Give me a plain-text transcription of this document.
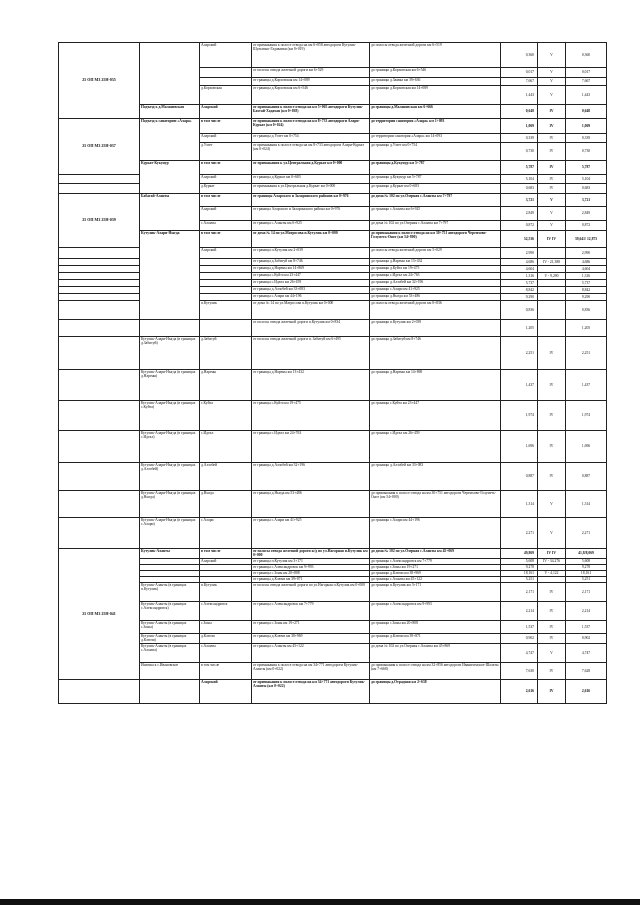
25 ОП МЗ 25Н-035		Аларский	от примыкания к полосе отвода на км 6+058 автодороги Кутулик-Шульгино-Гадаваики (км 0+019)	до полосы отвода железной дороги км 6+519	0,360	V	0,360
			от полосы отвода железной дороги км 6+529	до границы д.Корховская км 6+546	0,017	V	0,017
			от границы д.Корховская км 14+089	до границы д.Заявка км 39+636	7,667	V	7,667
		д.Корховская	от границы д.Корховская км 6+546	до границы д.Корховская км 14+089	1,443	V	1,443
	Подъезд к д.Малановская	Аларский	от примыкания к полосе отвода на км 5+065 автодороги Кутулик-Бахтай-Хадахан (км 0+038)	до границы д.Малановская км 6+666	0,648	IV	0,648
25 ОП МЗ 25Н-037	Подъезд к санаторию «Алара»	в том числе	от примыкания к полосе отвода на км 8+733 автодороги Алари-Куркат (км 0+024)	до территории санатория «Алара» км 1+093	1,069	IV	1,069
		Аларский	от границы д.Улзет км 0+754	до территории санатория «Алара» км 14+093	0,339	IV	0,339
		д.Улзет	от примыкания к полосе отвода на км 8+733 автодороги Алари-Куркат (км 0+024)	до границы д.Улзет км 0+754	0,730	IV	0,730
	Куркат-Кукунур	в том числе	от примыкания к ул.Центральная д.Куркат км 0+000	до границы д.Кукунур км 5+787	5,787	IV	5,787
		Аларский	от границы д.Куркат км 0+683	до границы д.Кукунур км 5+787	5,104	IV	5,104
		д.Куркат	от примыкания к ул.Центральная д.Куркат км 0+000	до границы д.Куркат км 0+683	0,683	IV	0,683
25 ОП МЗ 25Н-039	Бабагай-Аланты	в том числе	от границы Аларского и Заларинского районов км 0+976	до дома № 102 по ул.Озерная с.Аланты км 7+797	3,721	V	3,721
		Аларский	от границы Аларского и Заларинского района км 0+976	до границы с.Аланты км 6+925	2,849	V	2,849
		с.Аланты	от границы с.Аланты км 6+925	до дома № 102 по ул.Озерная с.Аланты км 7+797	0,872	V	0,872
	Кутулик-Алари-Ныгда	в том числе	от дома № 14 по ул.Матросова п.Кутулик км 0+000	до примыкания к полосе отвода на км 30+751 автодороги Черемхово-Голуметь-Онот (км 54+800)	52,536	IV IV	39,641/ 12,875
		Аларский	от границы п.Кутулик км 2+039	до полосы отвода железной дороги км 5+029	2,990		2,990
			от границы д.Забитуй км 8+746	до границы д.Нарены км 13+432	4,686	IV - 21,388	4,686
			от границы д.Нарены км 14+869	до границы д.Куйта км 19+475	4,604		4,604
			от границы с.Куйта км 23+447	до границы с.Идеал км 24+763	1,316	V - 9,290	1,316
			от границы с.Идеал км 26+459	до границы д.Алзобей км 32+196	5,737		5,737
			от границы д.Алзобей км 33+083	до границы с.Алари км 41+925	8,842		8,842
			от границы с.Алари км 44+196	до границы д.Ныгда км 53+486	9,290		9,290
		п.Кутулик	от дома № 14 по ул.Матросова п.Кутулик км 0+000	до полосы отвода железной дороги км 0+836	0,836		0,836
			от полосы отвода железной дороги п.Кутулик км 0+834	до границы п.Кутулик км 2+039	1,205		1,205
	Кутулик-Алари-Ныгда (в границах д.Забитуй)	д.Забитуй	от полосы отвода железной дороги п. Забитуй км 6+495	до границы д.Забитуй км 8+746	2,251	IV	2,251
	Кутулик-Алари-Ныгда (в границах д.Нарены)	д.Нарены	от границы д.Нарены км 13+432	до границы д.Нарены км 14+869	1,437	IV	1,437
	Кутулик-Алари-Ныгда (в границах с.Куйта)	с.Куйта	от границы с.Куйта км 19+475	до границы с.Куйта км 23+447	1,974	IV	1,974
	Кутулик-Алари-Ныгда (в границах с.Идеал)	с.Идеал	от границы с.Идеал км 24+763	до границы с.Идеал км 26+459	1,696	IV	1,696
	Кутулик-Алари-Ныгда (в границах д.Алзобей)	д.Алзобей	от границы д.Алзобей км 32+196	до границы д.Алзобей км 33+083	0,887	IV	0,887
	Кутулик-Алари-Ныгда (в границах д.Ныгда)	д.Ныгда	от границы д.Ныгда км 53+486	до примыкания к полосе отвода на км 30+751 автодороги Черемхово-Голуметь-Онот (км 54+800)	1,314	V	1,314
	Кутулик-Алари-Ныгда (в границах с.Алари)	с.Алари	от границы с.Алари км 41+925	до границы с.Алари км 44+196	2,271	V	2,271
25 ОП МЗ 25Н-041	Кутулик-Аланты	в том числе	от полосы отвода железной дороги ж/д по ул.Нагорная п.Кутулик км 0+000	до дома № 102 по ул.Озерная с.Аланты км 45+069	49,869	IV IV	41,8/8,069
		Аларский	от границы п.Кутулик км 3+171	до границы с.Александровск км 7+779	5,608	IV - 34,276	5,608
			от границы с.Александровск км 9+993	до границы с.Зоны км 19+271	9,278		9,278
			от границы с.Зоны км 20+808	до границы д.Ключи км 38+969	18,161	V - 4,122	18,161
			от границы д.Ключи км 39+871	до границы с.Аланты км 45+122	5,251		5,251
	Кутулик-Аланты (в границах п.Кутулик)	п.Кутулик	от полосы отвода железной дороги по ул.Нагорная п.Кутулик км 0+000	до границы п.Кутулик км 3+171	2,171	IV	2,171
	Кутулик-Аланты (в границах с.Александровск)	с.Александровск	от границы с.Александровск км 7+779	до границы с.Александровск км 9+993	2,214	IV	2,214
	Кутулик-Аланты (в границах с.Зоны)	с.Зоны	от границы с.Зоны км 19+271	до границы с.Зоны км 20+808	1,537	IV	1,537
	Кутулик-Аланты (в границах д.Ключи)	д.Ключи	от границы д.Ключи км 38+969	до границы д.Ключи км 39+871	0,902	IV	0,902
	Кутулик-Аланты (в границах с.Аланты)	с.Аланты	от границы с.Аланты км 45+122	до дома № 102 по ул.Озерная с.Аланты км 45+869	4,747	V	4,747
	Ишичка к с.Ивановское	в том числе	от примыкания к полосе отвода на км 34+771 автодороги Кутулик-Аланты (км 0+022)	до примыкания к полосе отвода на км 32+856 автодороги Иваниченское-Шалаты (км 7+668)	7,630	IV	7,628
		Аларский	от примыкания к полосе отвода на км 34+771 автодороги Кутулик-Аланты (км 0+022)	до границы д.Отрадная км 2+638	2,616	IV	2,616
